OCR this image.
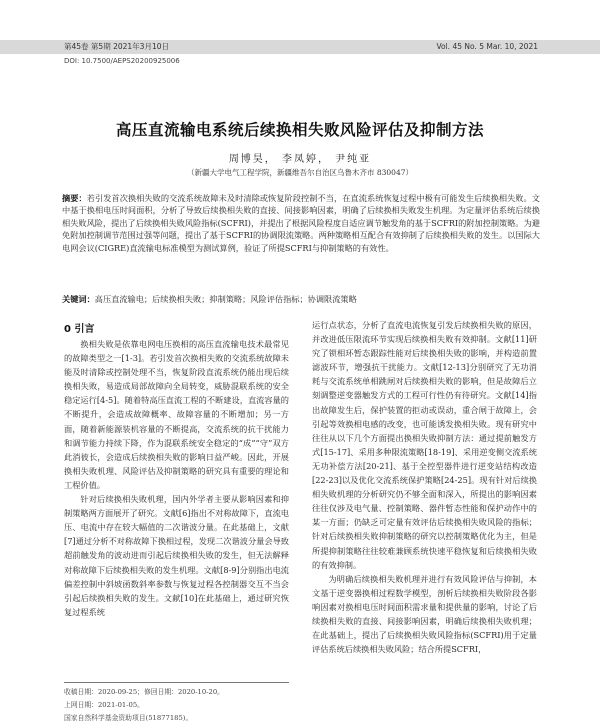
第45卷 第5期 2021年3月10日	Vol. 45 No. 5 Mar. 10, 2021
DOI: 10.7500/AEPS20200925006
高压直流输电系统后续换相失败风险评估及抑制方法
周博昊， 李凤婷， 尹纯亚
（新疆大学电气工程学院，新疆维吾尔自治区乌鲁木齐市 830047）

摘要：若引发首次换相失败的交流系统故障未及时清除或恢复阶段控制不当，在直流系统恢复过程中极有可能发生后续换相失败。文中基于换相电压时间面积，分析了导致后续换相失败的直接、间接影响因素，明确了后续换相失败发生机理。为定量评估系统后续换相失败风险，提出了后续换相失败风险指标(SCFRI)，并提出了根据风险程度自适应调节触发角的基于SCFRI的附加控制策略。为避免附加控制调节范围过强等问题，提出了基于SCFRI的协调限流策略。两种策略相互配合有效抑制了后续换相失败的发生。以国际大电网会议(CIGRE)直流输电标准模型为测试算例，验证了所提SCFRI与抑制策略的有效性。

关键词：高压直流输电；后续换相失败；抑制策略；风险评估指标；协调限流策略

0 引言

换相失败是依靠电网电压换相的高压直流输电技术最常见的故障类型之一[1-3]。若引发首次换相失败的交流系统故障未能及时清除或控制处理不当，恢复阶段直流系统仍能出现后续换相失败，易造成局部故障向全局转变，威胁混联系统的安全稳定运行[4-5]。随着特高压直流工程的不断建设，直流容量的不断提升，会造成故障概率、故障容量的不断增加；另一方面，随着新能源装机容量的不断提高，交流系统的抗干扰能力和调节能力持续下降，作为混联系统安全稳定的“成”“守”双方此消彼长，会造成后续换相失败的影响日益严峻。因此，开展换相失败机理、风险评估及抑制策略的研究具有重要的理论和工程价值。

针对后续换相失败机理，国内外学者主要从影响因素和抑制策略两方面展开了研究。文献[6]指出不对称故障下，直流电压、电流中存在较大幅值的二次谐波分量。在此基础上，文献[7]通过分析不对称故障下换相过程，发现二次谐波分量会导致超前触发角的波动进而引起后续换相失败的发生，但无法解释对称故障下后续换相失败的发生机理。文献[8-9]分别指出电流偏差控制中斜坡函数斜率参数与恢复过程各控制器交互不当会引起后续换相失败的发生。文献[10]在此基础上，通过研究恢复过程系统

运行点状态，分析了直流电流恢复引发后续换相失败的原因，并改进低压限流环节实现后续换相失败有效抑制。文献[11]研究了锁相环暂态跟踪性能对后续换相失败的影响，并构造前置滤波环节，增强抗干扰能力。文献[12-13]分别研究了无功消耗与交流系统单相跳闸对后续换相失败的影响，但是故障后立刻调整逆变器触发方式的工程可行性仍有待研究。文献[14]指出故障发生后，保护装置的拒动或误动，重合闸于故障上，会引起等效换相电感的改变，也可能诱发换相失败。现有研究中往往从以下几个方面提出换相失败抑制方法：通过提前触发方式[15-17]、采用多种限流策略[18-19]、采用逆变侧交流系统无功补偿方法[20-21]、基于全控型器件进行逆变站结构改造[22-23]以及优化交流系统保护策略[24-25]。现有针对后续换相失败机理的分析研究仍不够全面和深入，所提出的影响因素往往仅涉及电气量、控制策略、器件暂态性能和保护动作中的某一方面；仍缺乏可定量有效评估后续换相失败风险的指标；针对后续换相失败抑制策略的研究以控制策略优化为主，但是所提抑制策略往往较难兼顾系统快速平稳恢复和后续换相失败的有效抑制。

为明确后续换相失败机理并进行有效风险评估与抑制，本文基于逆变器换相过程数学模型，剖析后续换相失败阶段各影响因素对换相电压时间面积需求量和提供量的影响，讨论了后续换相失败的直接、间接影响因素，明确后续换相失败机理；在此基础上，提出了后续换相失败风险指标(SCFRI)用于定量评估系统后续换相失败风险；结合所提SCFRI，

收稿日期：2020-09-25；修回日期：2020-10-20。
上网日期：2021-01-05。
国家自然科学基金资助项目(51877185)。
